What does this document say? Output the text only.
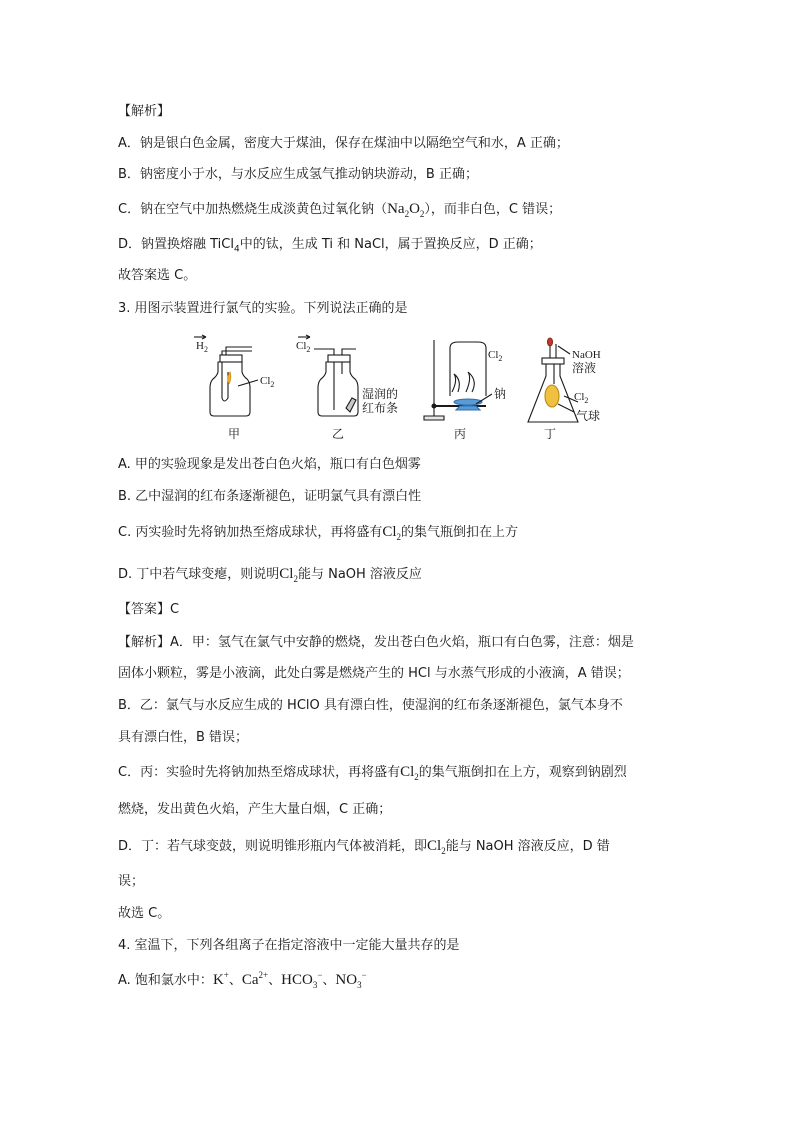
【解析】
A．钠是银白色金属，密度大于煤油，保存在煤油中以隔绝空气和水，A 正确；
B．钠密度小于水，与水反应生成氢气推动钠块游动，B 正确；
C．钠在空气中加热燃烧生成淡黄色过氧化钠$(Na_2O_2)$，而非白色，C 错误；
D．钠置换熔融 TiCl$_4$中的钛，生成 Ti 和 NaCl，属于置换反应，D 正确；
故答案选 C。
3. 用图示装置进行氯气的实验。下列说法正确的是
$H_2$
$Cl_2$
$Cl_2$
湿润的
红布条
$Cl_2$
钠
NaOH
溶液
$Cl_2$
气球
甲	乙	丙	丁
A. 甲的实验现象是发出苍白色火焰，瓶口有白色烟雾
B. 乙中湿润的红布条逐渐褪色，证明氯气具有漂白性
C. 丙实验时先将钠加热至熔成球状，再将盛有$Cl_2$的集气瓶倒扣在上方
D. 丁中若气球变瘪，则说明$Cl_2$能与 NaOH 溶液反应
【答案】C
【解析】A．甲：氢气在氯气中安静的燃烧，发出苍白色火焰，瓶口有白色雾，注意：烟是
固体小颗粒，雾是小液滴，此处白雾是燃烧产生的 HCl 与水蒸气形成的小液滴，A 错误；
B．乙：氯气与水反应生成的 HClO 具有漂白性，使湿润的红布条逐渐褪色，氯气本身不
具有漂白性，B 错误；
C．丙：实验时先将钠加热至熔成球状，再将盛有$Cl_2$的集气瓶倒扣在上方，观察到钠剧烈
燃烧，发出黄色火焰，产生大量白烟，C 正确；
D．丁：若气球变鼓，则说明锥形瓶内气体被消耗，即$Cl_2$能与 NaOH 溶液反应，D 错
误；
故选 C。
4. 室温下，下列各组离子在指定溶液中一定能大量共存的是
A. 饱和氯水中：K+、$Ca^{2+}$、$HCO_3^-$、$NO_3^-$
